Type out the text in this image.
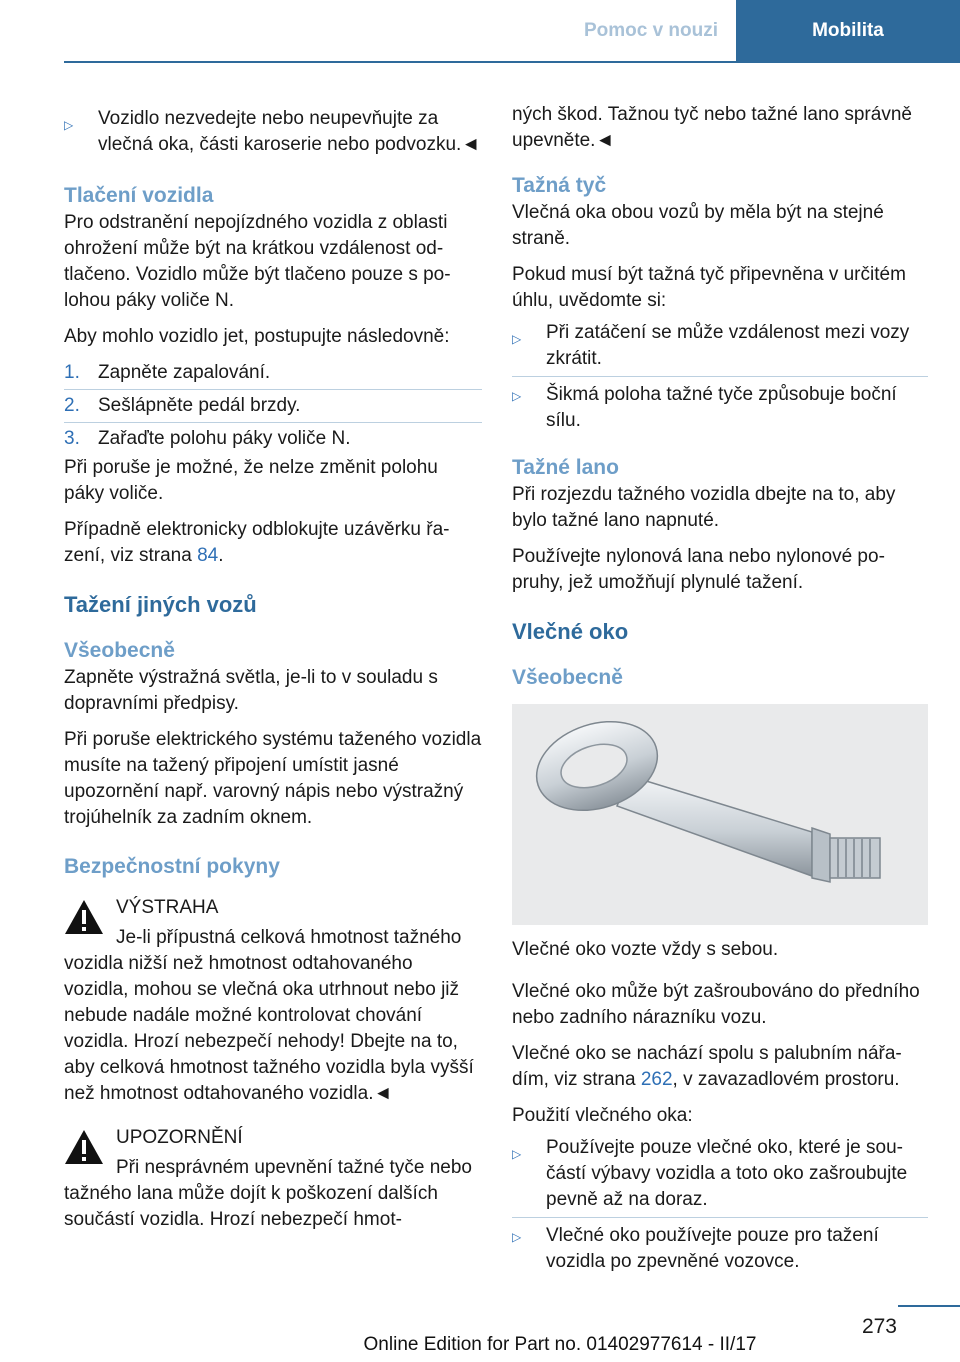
Pomoc v nouzi	Mobilita
▷ Vozidlo nezvedejte nebo neupevňujte za vlečná oka, části karoserie nebo podvozku.◄
Tlačení vozidla

Pro odstranění nepojízdného vozidla z oblasti ohrožení může být na krátkou vzdálenost odtlačeno. Vozidlo může být tlačeno pouze s polohou páky voliče N.

Aby mohlo vozidlo jet, postupujte následovně:

1. Zapněte zapalování.
2. Sešlápněte pedál brzdy.
3. Zařaďte polohu páky voliče N.

Při poruše je možné, že nelze změnit polohu páky voliče.

Případně elektronicky odblokujte uzávěrku řazení, viz strana 84.

Tažení jiných vozů
Všeobecně

Zapněte výstražná světla, je-li to v souladu s dopravními předpisy.

Při poruše elektrického systému taženého vozidla musíte na tažený připojení umístit jasné upozornění např. varovný nápis nebo výstražný trojúhelník za zadním oknem.

Bezpečnostní pokyny
VÝSTRAHA
Je-li přípustná celková hmotnost tažného vozidla nižší než hmotnost odtahovaného vozidla, mohou se vlečná oka utrhnout nebo již nebude nadále možné kontrolovat chování vozidla. Hrozí nebezpečí nehody! Dbejte na to, aby celková hmotnost tažného vozidla byla vyšší než hmotnost odtahovaného vozidla.◄
UPOZORNĚNÍ
Při nesprávném upevnění tažné tyče nebo tažného lana může dojít k poškození dalších součástí vozidla. Hrozí nebezpečí hmot-

ných škod. Tažnou tyč nebo tažné lano správně upevněte.◄

Tažná tyč

Vlečná oka obou vozů by měla být na stejné straně.

Pokud musí být tažná tyč připevněna v určitém úhlu, uvědomte si:

▷ Při zatáčení se může vzdálenost mezi vozy zkrátit.
▷ Šikmá poloha tažné tyče způsobuje boční sílu.
Tažné lano

Při rozjezdu tažného vozidla dbejte na to, aby bylo tažné lano napnuté.

Používejte nylonová lana nebo nylonové popruhy, jež umožňují plynulé tažení.

Vlečné oko
Všeobecně

Vlečné oko vozte vždy s sebou.

Vlečné oko může být zašroubováno do předního nebo zadního nárazníku vozu.

Vlečné oko se nachází spolu s palubním nářadím, viz strana 262, v zavazadlovém prostoru.

Použití vlečného oka:

▷ Používejte pouze vlečné oko, které je součástí výbavy vozidla a toto oko zašroubujte pevně až na doraz.
▷ Vlečné oko používejte pouze pro tažení vozidla po zpevněné vozovce.
273
Online Edition for Part no. 01402977614 - II/17
